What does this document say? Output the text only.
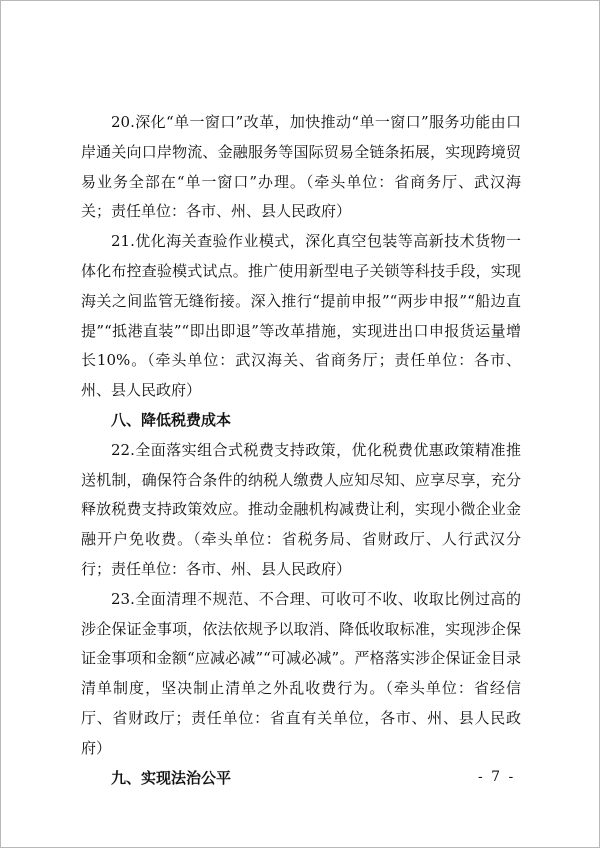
20.深化“单一窗口”改革，加快推动“单一窗口”服务功能由口岸通关向口岸物流、金融服务等国际贸易全链条拓展，实现跨境贸易业务全部在“单一窗口”办理。（牵头单位：省商务厅、武汉海关；责任单位：各市、州、县人民政府）

21.优化海关查验作业模式，深化真空包装等高新技术货物一体化布控查验模式试点。推广使用新型电子关锁等科技手段，实现海关之间监管无缝衔接。深入推行“提前申报”“两步申报”“船边直提”“抵港直装”“即出即退”等改革措施，实现进出口申报货运量增长10%。（牵头单位：武汉海关、省商务厅；责任单位：各市、州、县人民政府）

八、降低税费成本

22.全面落实组合式税费支持政策，优化税费优惠政策精准推送机制，确保符合条件的纳税人缴费人应知尽知、应享尽享，充分释放税费支持政策效应。推动金融机构减费让利，实现小微企业金融开户免收费。（牵头单位：省税务局、省财政厅、人行武汉分行；责任单位：各市、州、县人民政府）

23.全面清理不规范、不合理、可收可不收、收取比例过高的涉企保证金事项，依法依规予以取消、降低收取标准，实现涉企保证金事项和金额“应减必减”“可减必减”。严格落实涉企保证金目录清单制度，坚决制止清单之外乱收费行为。（牵头单位：省经信厅、省财政厅；责任单位：省直有关单位，各市、州、县人民政府）

九、实现法治公平	- 7 -
